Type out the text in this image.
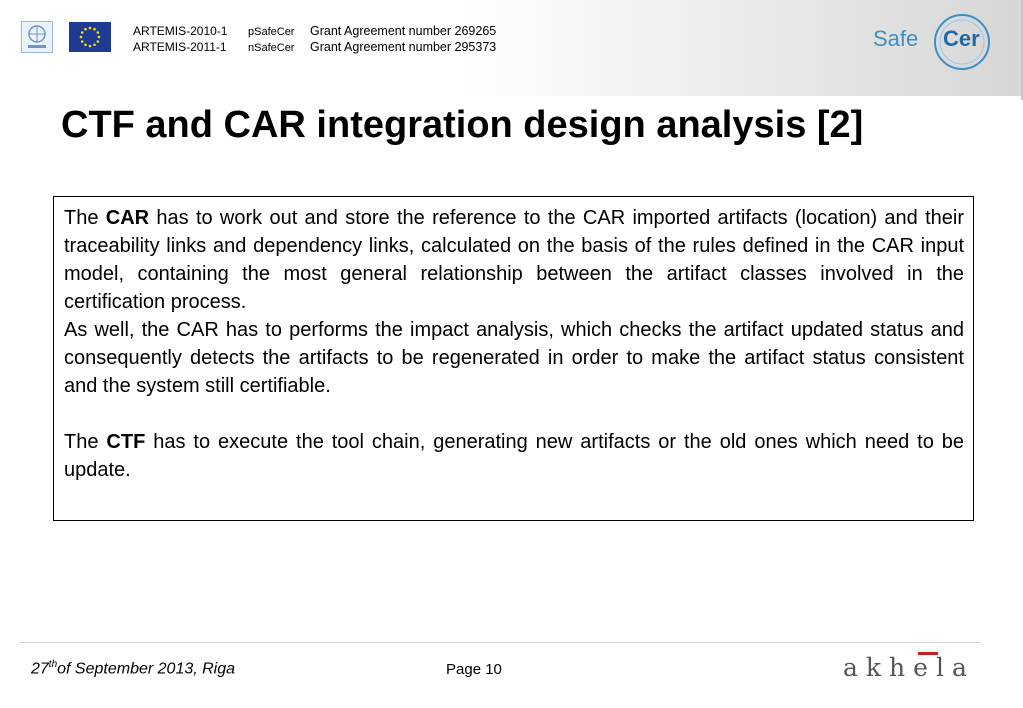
ARTEMIS-2010-1 pSafeCer Grant Agreement number 269265
ARTEMIS-2011-1 nSafeCer Grant Agreement number 295373	Safe Cer
CTF and CAR integration design analysis [2]

The CAR has to work out and store the reference to the CAR imported artifacts (location) and their traceability links and dependency links, calculated on the basis of the rules defined in the CAR input model, containing the most general relationship between the artifact classes involved in the certification process.

As well, the CAR has to performs the impact analysis, which checks the artifact updated status and consequently detects the artifacts to be regenerated in order to make the artifact status consistent and the system still certifiable.

The CTF has to execute the tool chain, generating new artifacts or the old ones which need to be update.

27thof September 2013, Riga	Page 10	akhela
